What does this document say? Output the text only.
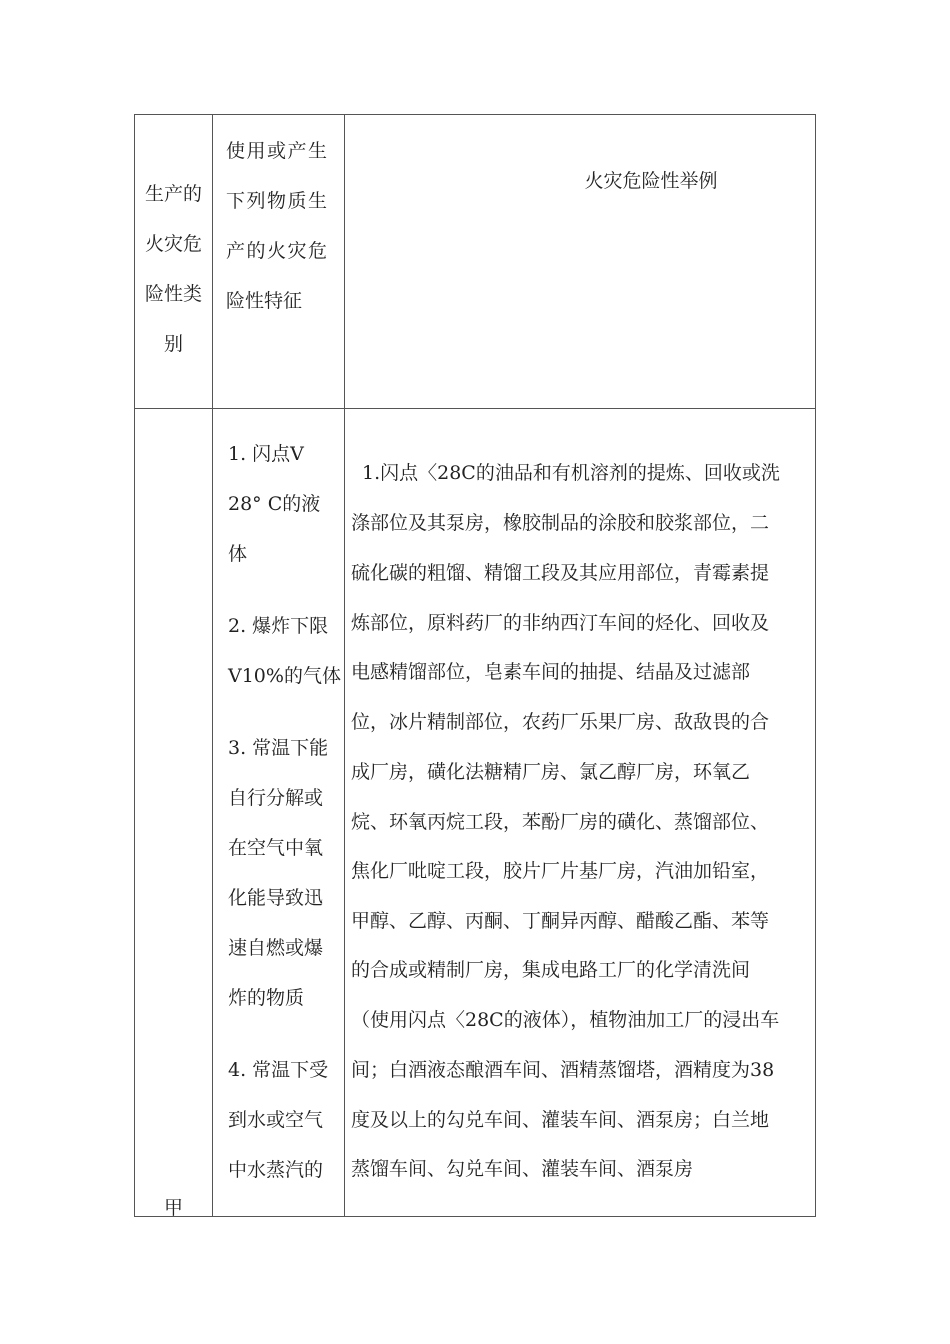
生产的
火灾危
险性类
别
使用或产生
下列物质生
产的火灾危
险性特征
火灾危险性举例
甲
1. 闪点V
28° C的液
体
2. 爆炸下限
V10%的气体
3. 常温下能
自行分解或
在空气中氧
化能导致迅
速自燃或爆
炸的物质
4. 常温下受
到水或空气
中水蒸汽的
1.闪点〈28C的油品和有机溶剂的提炼、回收或洗
涤部位及其泵房，橡胶制品的涂胶和胶浆部位，二
硫化碳的粗馏、精馏工段及其应用部位，青霉素提
炼部位，原料药厂的非纳西汀车间的烃化、回收及
电感精馏部位，皂素车间的抽提、结晶及过滤部
位，冰片精制部位，农药厂乐果厂房、敌敌畏的合
成厂房，磺化法糖精厂房、氯乙醇厂房，环氧乙
烷、环氧丙烷工段，苯酚厂房的磺化、蒸馏部位、
焦化厂吡啶工段，胶片厂片基厂房，汽油加铅室，
甲醇、乙醇、丙酮、丁酮异丙醇、醋酸乙酯、苯等
的合成或精制厂房，集成电路工厂的化学清洗间
（使用闪点〈28C的液体），植物油加工厂的浸出车
间；白酒液态酿酒车间、酒精蒸馏塔，酒精度为38
度及以上的勾兑车间、灌装车间、酒泵房；白兰地
蒸馏车间、勾兑车间、灌装车间、酒泵房
